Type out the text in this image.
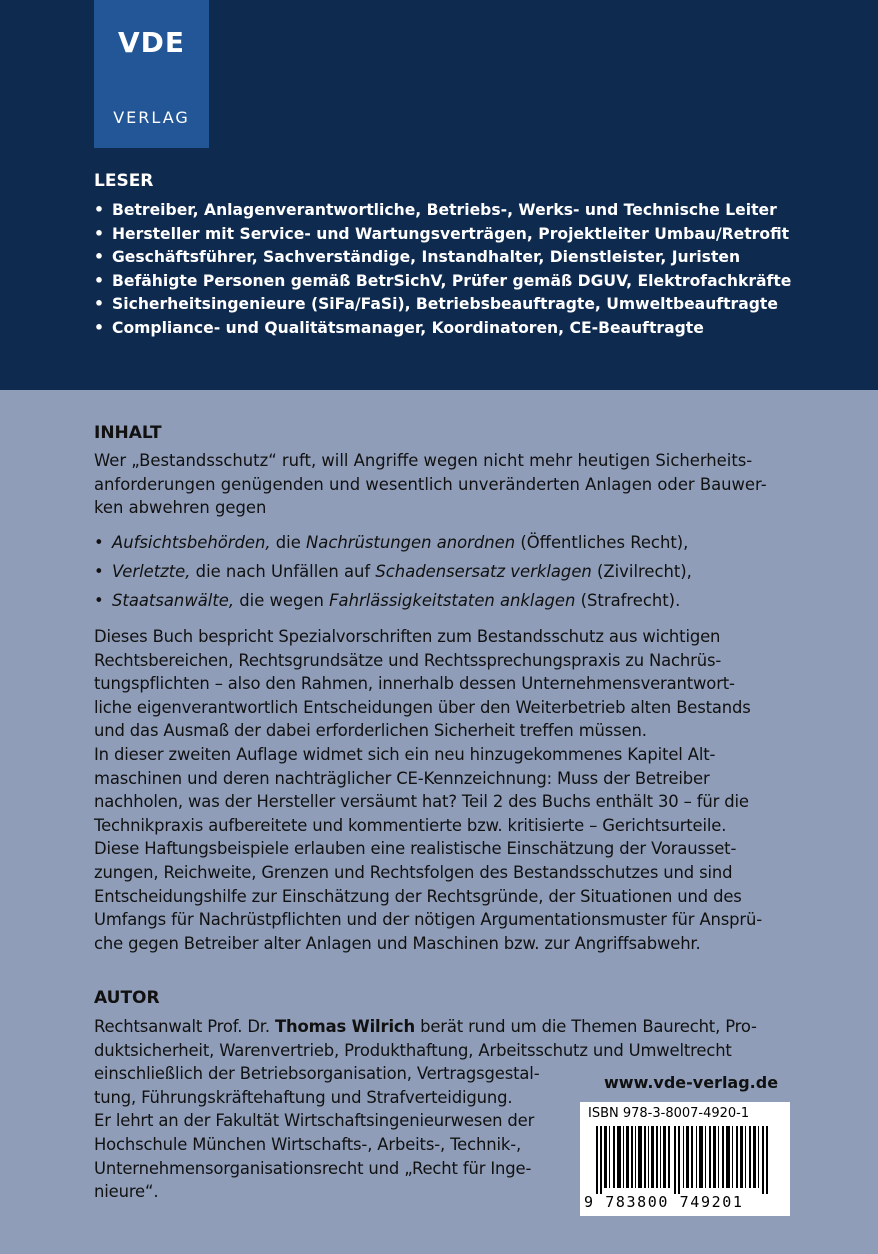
VDE
VERLAG
LESER
• Betreiber, Anlagenverantwortliche, Betriebs-, Werks- und Technische Leiter
• Hersteller mit Service- und Wartungsverträgen, Projektleiter Umbau/Retrofit
• Geschäftsführer, Sachverständige, Instandhalter, Dienstleister, Juristen
• Befähigte Personen gemäß BetrSichV, Prüfer gemäß DGUV, Elektrofachkräfte
• Sicherheitsingenieure (SiFa/FaSi), Betriebsbeauftragte, Umweltbeauftragte
• Compliance- und Qualitätsmanager, Koordinatoren, CE-Beauftragte
INHALT
Wer „Bestandsschutz“ ruft, will Angriffe wegen nicht mehr heutigen Sicherheits-
anforderungen genügenden und wesentlich unveränderten Anlagen oder Bauwer-
ken abwehren gegen
• Aufsichtsbehörden, die Nachrüstungen anordnen (Öffentliches Recht),
• Verletzte, die nach Unfällen auf Schadensersatz verklagen (Zivilrecht),
• Staatsanwälte, die wegen Fahrlässigkeitstaten anklagen (Strafrecht).
Dieses Buch bespricht Spezialvorschriften zum Bestandsschutz aus wichtigen
Rechtsbereichen, Rechtsgrundsätze und Rechtssprechungspraxis zu Nachrüs-
tungspflichten – also den Rahmen, innerhalb dessen Unternehmensverantwort-
liche eigenverantwortlich Entscheidungen über den Weiterbetrieb alten Bestands
und das Ausmaß der dabei erforderlichen Sicherheit treffen müssen.
In dieser zweiten Auflage widmet sich ein neu hinzugekommenes Kapitel Alt-
maschinen und deren nachträglicher CE-Kennzeichnung: Muss der Betreiber
nachholen, was der Hersteller versäumt hat? Teil 2 des Buchs enthält 30 – für die
Technikpraxis aufbereitete und kommentierte bzw. kritisierte – Gerichtsurteile.
Diese Haftungsbeispiele erlauben eine realistische Einschätzung der Vorausset-
zungen, Reichweite, Grenzen und Rechtsfolgen des Bestandsschutzes und sind
Entscheidungshilfe zur Einschätzung der Rechtsgründe, der Situationen und des
Umfangs für Nachrüstpflichten und der nötigen Argumentationsmuster für Ansprü-
che gegen Betreiber alter Anlagen und Maschinen bzw. zur Angriffsabwehr.
AUTOR
Rechtsanwalt Prof. Dr. Thomas Wilrich berät rund um die Themen Baurecht, Pro-
duktsicherheit, Warenvertrieb, Produkthaftung, Arbeitsschutz und Umweltrecht
einschließlich der Betriebsorganisation, Vertragsgestal-
tung, Führungskräftehaftung und Strafverteidigung.
Er lehrt an der Fakultät Wirtschaftsingenieurwesen der
Hochschule München Wirtschafts-, Arbeits-, Technik-,
Unternehmensorganisationsrecht und „Recht für Inge-
nieure“.
www.vde-verlag.de
ISBN 978-3-8007-4920-1
9 783800 749201
